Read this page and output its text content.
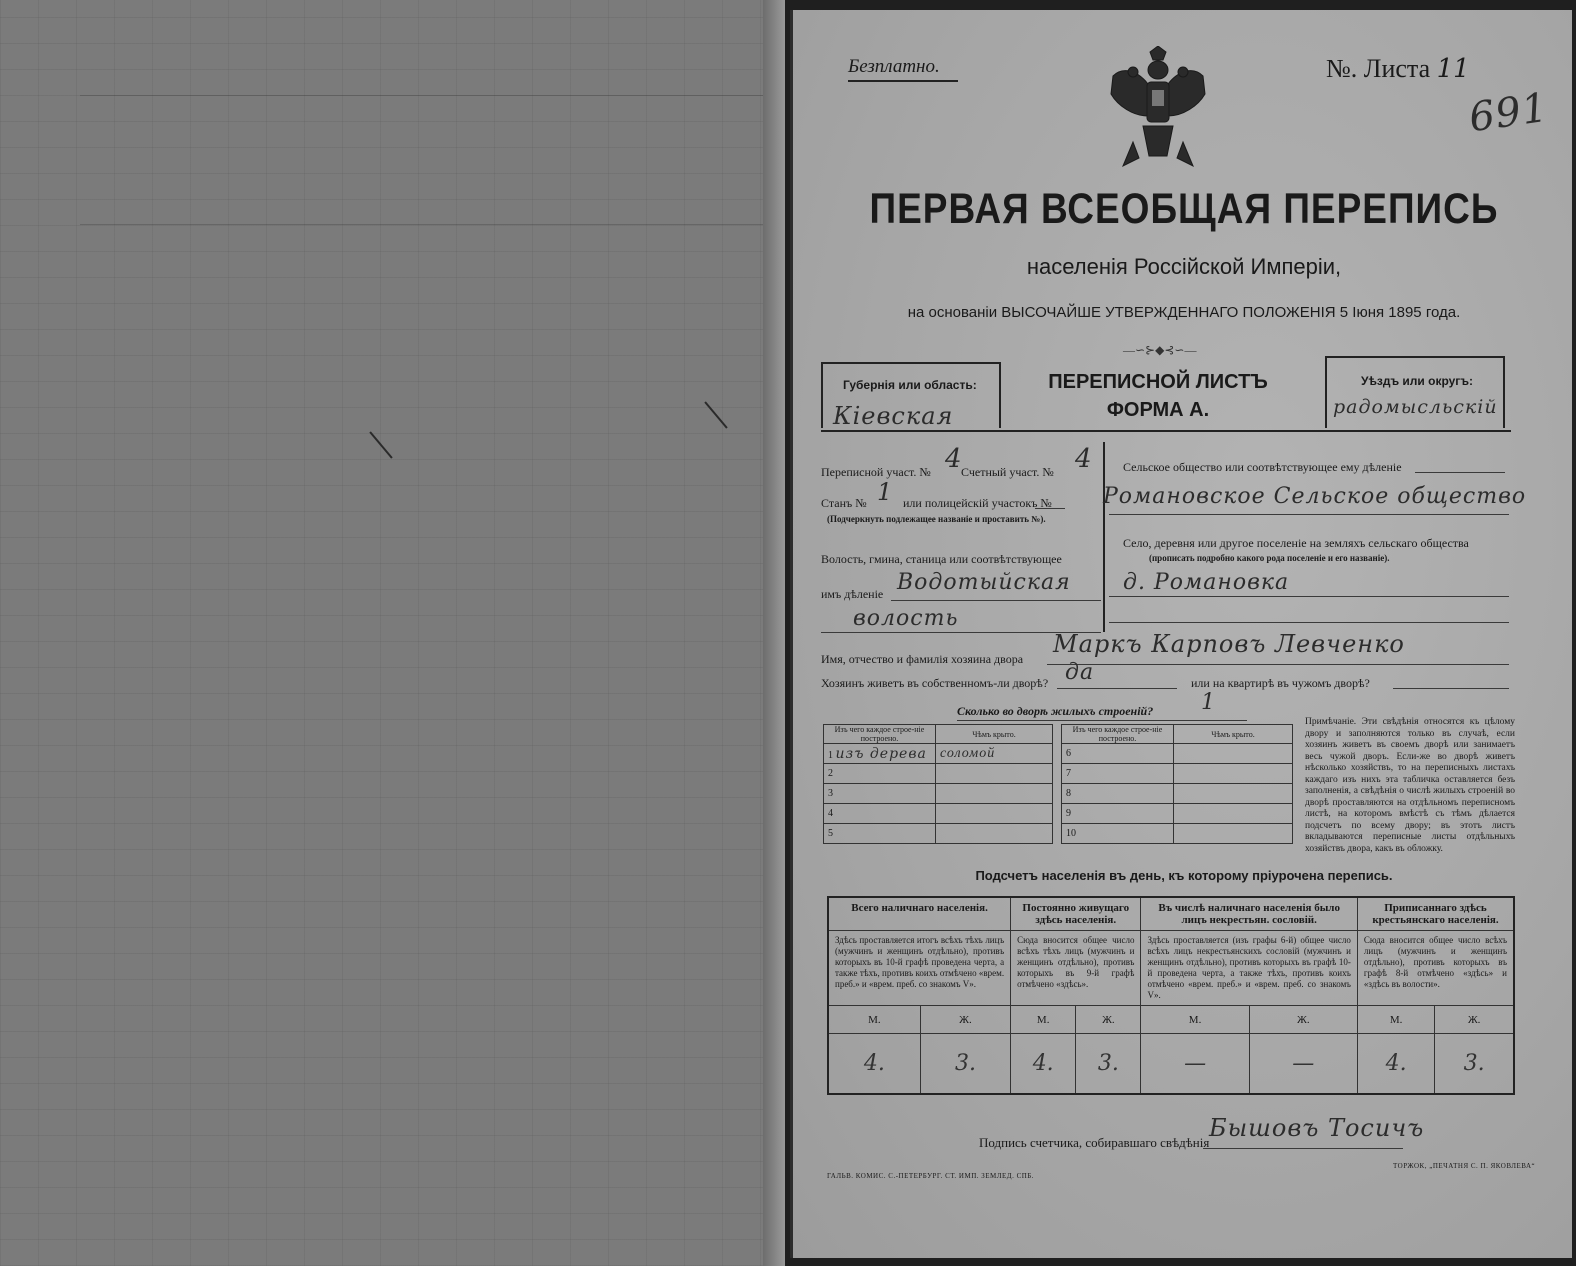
Безплатно.	№. Листа 11
691
ПЕРВАЯ ВСЕОБЩАЯ ПЕРЕПИСЬ
населенія Россійской Имперіи,
на основаніи ВЫСОЧАЙШЕ УТВЕРЖДЕННАГО ПОЛОЖЕНІЯ 5 Іюня 1895 года.
—∽⊱◆⊰∽—
Губернія или область:
Кіевская
ПЕРЕПИСНОЙ ЛИСТЪ
ФОРМА А.
Уѣздъ или округъ:
радомысльскій
Переписной участ. № 4
Счетный участ. № 4
Станъ № 1 или полицейскій участокъ №
(Подчеркнуть подлежащее названіе и проставить №).
Волость, гмина, станица или соотвѣтствующее
имъ дѣленіе Водотыйская
волость
Сельское общество или соотвѣтствующее ему дѣленіе
Романовское Сельское общество
Село, деревня или другое поселеніе на земляхъ сельскаго общества
(прописать подробно какого рода поселеніе и его названіе).
д. Романовка
Имя, отчество и фамилія хозяина двора
Маркъ Карповъ Левченко
Хозяинъ живетъ въ собственномъ-ли дворѣ? да	или на квартирѣ въ чужомъ дворѣ?
Сколько во дворѣ жилыхъ строеній? 1
Изъ чего каждое строе-ніе построено.	Чѣмъ крыто.
1 изъ дерева	соломой
2	
3	
4	
5	
Изъ чего каждое строе-ніе построено.	Чѣмъ крыто.
6	
7	
8	
9	
10	
Примѣчаніе. Эти свѣдѣнія относятся къ цѣлому двору и заполняются только въ случаѣ, если хозяинъ живетъ въ своемъ дворѣ или занимаетъ весь чужой дворъ. Если-же во дворѣ живетъ нѣсколько хозяйствъ, то на переписныхъ листахъ каждаго изъ нихъ эта табличка оставляется безъ заполненія, а свѣдѣнія о числѣ жилыхъ строеній во дворѣ проставляются на отдѣльномъ переписномъ листѣ, на которомъ вмѣстѣ съ тѣмъ дѣлается подсчетъ по всему двору; въ этотъ листъ вкладываются переписные листы отдѣльныхъ хозяйствъ двора, какъ въ обложку.
Подсчетъ населенія въ день, къ которому пріурочена перепись.
Всего наличнаго населенія.		Постоянно живущаго здѣсь населенія.		Въ числѣ наличнаго населенія было лицъ некрестьян. сословій.		Приписаннаго здѣсь крестьянскаго населенія.	
Здѣсь проставляется итогъ всѣхъ тѣхъ лицъ (мужчинъ и женщинъ отдѣльно), противъ которыхъ въ 10-й графѣ проведена черта, а также тѣхъ, противъ коихъ отмѣчено «врем. преб.» и «врем. преб. со знакомъ V».		Сюда вносится общее число всѣхъ тѣхъ лицъ (мужчинъ и женщинъ отдѣльно), противъ которыхъ въ 9-й графѣ отмѣчено «здѣсь».		Здѣсь проставляется (изъ графы 6-й) общее число всѣхъ лицъ некрестьянскихъ сословій (мужчинъ и женщинъ отдѣльно), противъ которыхъ въ графѣ 10-й проведена черта, а также тѣхъ, противъ коихъ отмѣчено «врем. преб.» и «врем. преб. со знакомъ V».		Сюда вносится общее число всѣхъ лицъ (мужчинъ и женщинъ отдѣльно), противъ которыхъ въ графѣ 8-й отмѣчено «здѣсь» и «здѣсь въ волости».	
М.	Ж.	М.	Ж.	М.	Ж.	М.	Ж.
4.	3.	4.	3.	—	—	4.	3.
Подпись счетчика, собиравшаго свѣдѣнія
Бышовъ Тосичъ
ГАЛЬВ. КОМИС. С.-ПЕТЕРБУРГ. СТ. ИМП. ЗЕМЛЕД. СПБ.
ТОРЖОК, „ПЕЧАТНЯ С. П. ЯКОВЛЕВА“
